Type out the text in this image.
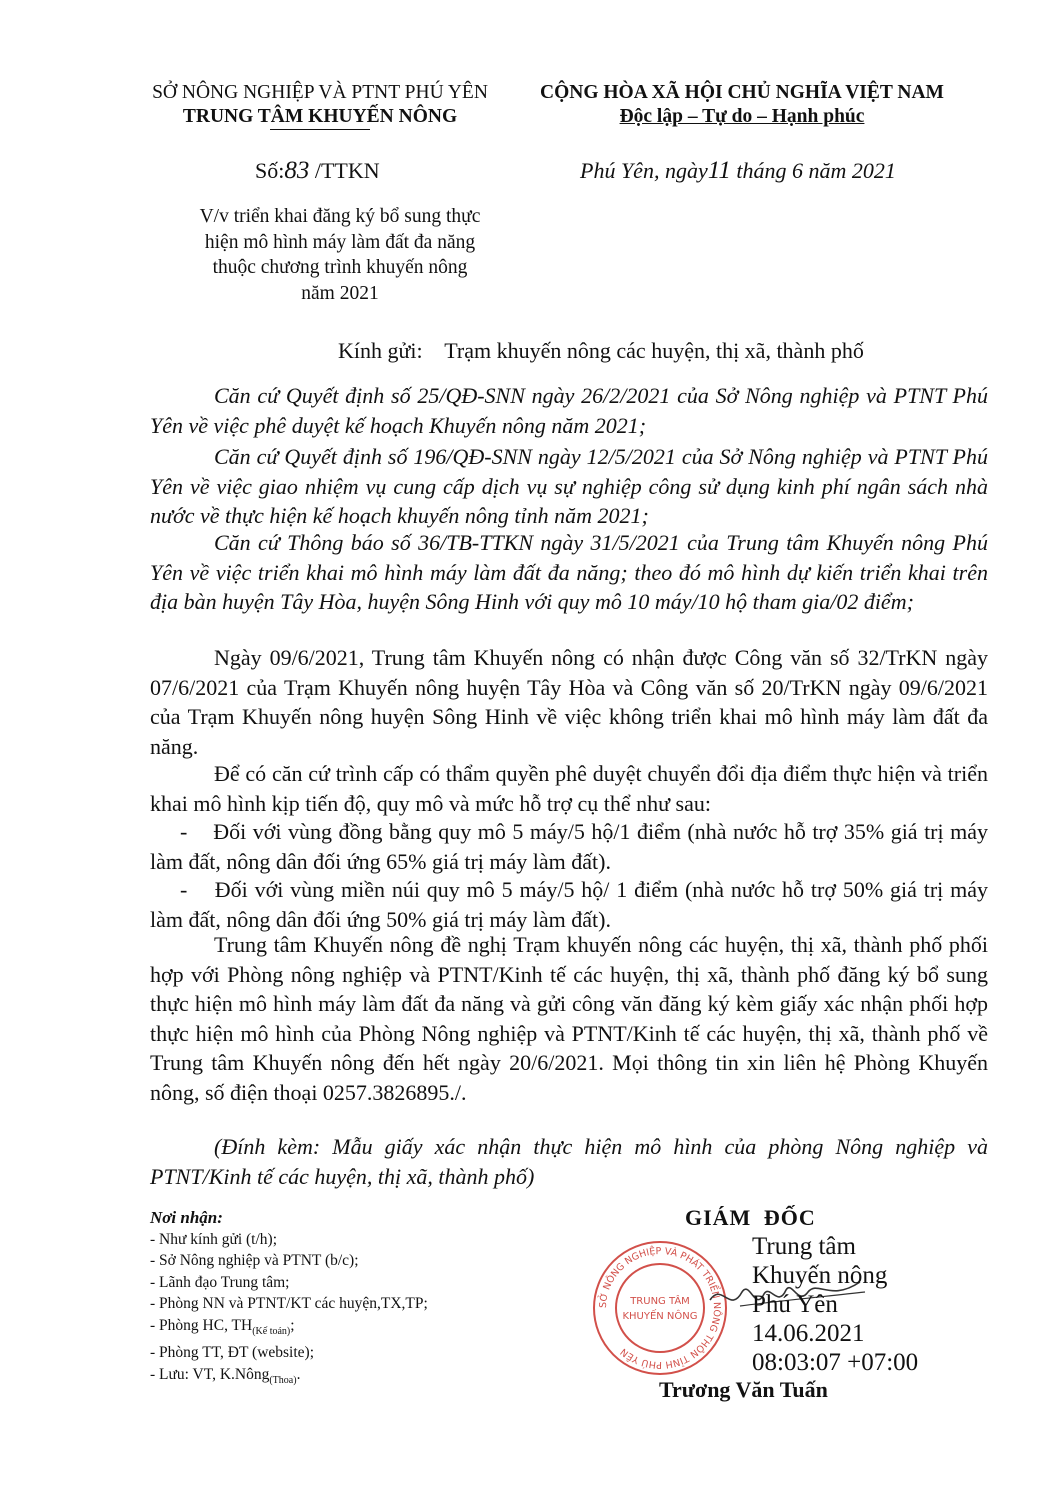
SỞ NÔNG NGHIỆP VÀ PTNT PHÚ YÊN
TRUNG TÂM KHUYẾN NÔNG
CỘNG HÒA XÃ HỘI CHỦ NGHĨA VIỆT NAM
Độc lập – Tự do – Hạnh phúc
Số:83 /TTKN	Phú Yên, ngày11 tháng 6 năm 2021
V/v triển khai đăng ký bổ sung thực
hiện mô hình máy làm đất đa năng
thuộc chương trình khuyến nông
năm 2021
Kính gửi: Trạm khuyến nông các huyện, thị xã, thành phố

Căn cứ Quyết định số 25/QĐ-SNN ngày 26/2/2021 của Sở Nông nghiệp và PTNT Phú Yên về việc phê duyệt kế hoạch Khuyến nông năm 2021;

Căn cứ Quyết định số 196/QĐ-SNN ngày 12/5/2021 của Sở Nông nghiệp và PTNT Phú Yên về việc giao nhiệm vụ cung cấp dịch vụ sự nghiệp công sử dụng kinh phí ngân sách nhà nước về thực hiện kế hoạch khuyến nông tỉnh năm 2021;

Căn cứ Thông báo số 36/TB-TTKN ngày 31/5/2021 của Trung tâm Khuyến nông Phú Yên về việc triển khai mô hình máy làm đất đa năng; theo đó mô hình dự kiến triển khai trên địa bàn huyện Tây Hòa, huyện Sông Hinh với quy mô 10 máy/10 hộ tham gia/02 điểm;

Ngày 09/6/2021, Trung tâm Khuyến nông có nhận được Công văn số 32/TrKN ngày 07/6/2021 của Trạm Khuyến nông huyện Tây Hòa và Công văn số 20/TrKN ngày 09/6/2021 của Trạm Khuyến nông huyện Sông Hinh về việc không triển khai mô hình máy làm đất đa năng.

Để có căn cứ trình cấp có thẩm quyền phê duyệt chuyển đổi địa điểm thực hiện và triển khai mô hình kịp tiến độ, quy mô và mức hỗ trợ cụ thể như sau:

-    Đối với vùng đồng bằng quy mô 5 máy/5 hộ/1 điểm (nhà nước hỗ trợ 35% giá trị máy làm đất, nông dân đối ứng 65% giá trị máy làm đất).
-    Đối với vùng miền núi quy mô 5 máy/5 hộ/ 1 điểm (nhà nước hỗ trợ 50% giá trị máy làm đất, nông dân đối ứng 50% giá trị máy làm đất).

Trung tâm Khuyến nông đề nghị Trạm khuyến nông các huyện, thị xã, thành phố phối hợp với Phòng nông nghiệp và PTNT/Kinh tế các huyện, thị xã, thành phố đăng ký bổ sung thực hiện mô hình máy làm đất đa năng và gửi công văn đăng ký kèm giấy xác nhận phối hợp thực hiện mô hình của Phòng Nông nghiệp và PTNT/Kinh tế các huyện, thị xã, thành phố về Trung tâm Khuyến nông đến hết ngày 20/6/2021. Mọi thông tin xin liên hệ Phòng Khuyến nông, số điện thoại 0257.3826895./.

(Đính kèm: Mẫu giấy xác nhận thực hiện mô hình của phòng Nông nghiệp và PTNT/Kinh tế các huyện, thị xã, thành phố)

Nơi nhận:
- Như kính gửi (t/h);
- Sở Nông nghiệp và PTNT (b/c);
- Lãnh đạo Trung tâm;
- Phòng NN và PTNT/KT các huyện,TX,TP;
- Phòng HC, $TH_{(Kế toán)}$;
- Phòng TT, ĐT (website);
- Lưu: VT, K.Nông$_{(Thoa)}$.
GIÁM ĐỐC
SỞ NÔNG NGHIỆP VÀ PHÁT TRIỂN NÔNG THÔN TỈNH PHÚ YÊN
TRUNG TÂM
KHUYẾN NÔNG
Trung tâm
Khuyến nông
Phú Yên
14.06.2021
08:03:07 +07:00
Trương Văn Tuấn
